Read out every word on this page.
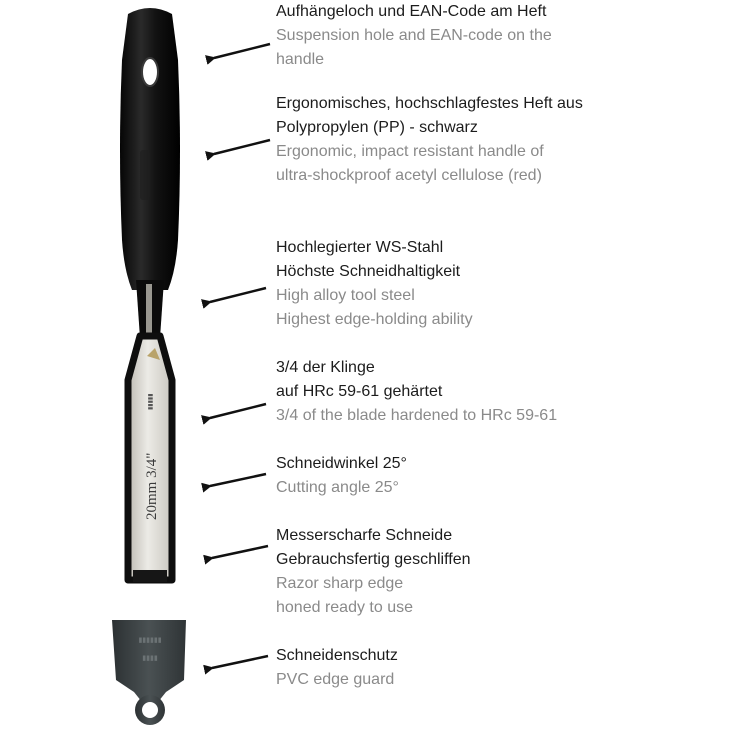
20mm 3/4"
▮▮▮▮▮
▮▮▮▮▮▮
▮▮▮▮
Aufhängeloch und EAN-Code am Heft
Suspension hole and EAN-code on the
handle
Ergonomisches, hochschlagfestes Heft aus
Polypropylen (PP) - schwarz
Ergonomic, impact resistant handle of
ultra-shockproof acetyl cellulose (red)
Hochlegierter WS-Stahl
Höchste Schneidhaltigkeit
High alloy tool steel
Highest edge-holding ability
3/4 der Klinge
auf HRc 59-61 gehärtet
3/4 of the blade hardened to HRc 59-61
Schneidwinkel 25°
Cutting angle 25°
Messerscharfe Schneide
Gebrauchsfertig geschliffen
Razor sharp edge
honed ready to use
Schneidenschutz
PVC edge guard
